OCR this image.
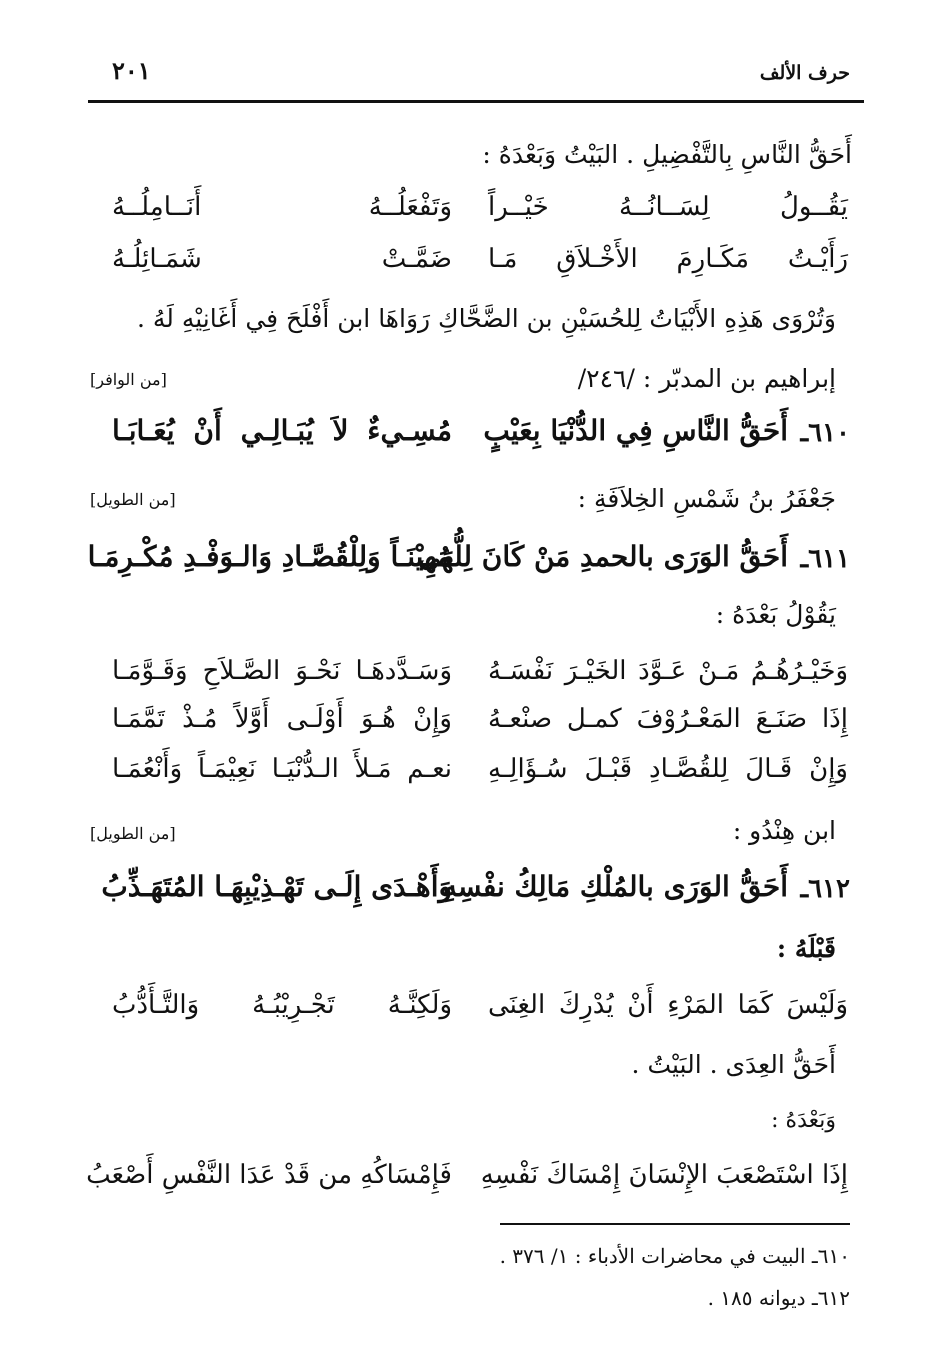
حرف الألف
٢٠١
أَحَقُّ النَّاسِ بِالتَّفْضِيلِ . البَيْتُ وَبَعْدَهُ :
يَقُــولُ لِسَــانُــهُ خَيْــراً
وَتَفْعَلُــهُ أَنَــامِلُــهُ
رَأَيْـتُ مَكَـارِمَ الأَخْـلاَقِ مَـا
ضَمَّـتْ شَمَـائِلُـهُ
وَتُرْوَى هَذِهِ الأَبْيَاتُ لِلحُسَيْنِ بن الضَّحَّاكِ رَوَاهَا ابن أَفْلَحَ فِي أَغَانِيْهِ لَهُ .
إبراهيم بن المدبّر : /٢٤٦/
[من الوافر]
٦١٠ـ
أَحَقُّ النَّاسِ فِي الدُّنْيَا بِعَيْبٍ
مُسِـيءٌ لاَ يُبَـالِـي أَنْ يُعَـابَـا
جَعْفَرُ بنُ شَمْسِ الخِلاَفَةِ :
[من الطويل]
٦١١ـ
أَحَقُّ الوَرَى بالحمدِ مَنْ كَانَ لِلُّهَى
مُهِيْنَـاً وَلِلْقُصَّـادِ وَالـوَفْـدِ مُكْـرِمَـا
يَقُوْلُ بَعْدَهُ :
وَخَيْـرُهُـمُ مَـنْ عَـوَّدَ الخَيْـرَ نَفْسَـهُ
وَسَـدَّدهَـا نَحْـوَ الصَّـلاَحِ وَقَـوَّمَـا
إِذَا صَنَـعَ المَعْـرُوْفَ كمـل صنْعـهُ
وَإِنْ هُـوَ أَوْلَـى أَوَّلاً مُـذْ تَمَّمَـا
وَإِنْ قَـالَ لِلقُصَّـادِ قَبْـلَ سُـؤَالِـهِ
نعـم مَـلأَ الـدُّنْيَـا نَعِيْمَـاً وَأَنْعُمَـا
ابن هِنْدُو :
[من الطويل]
٦١٢ـ
أَحَقُّ الوَرَى بالمُلْكِ مَالِكُ نفْسِهِ
وَأَهْـدَى إِلَـى تَهْـذِيْبِهَـا المُتَهَـذِّبُ
قَبْلَهُ :
وَلَيْسَ كَمَا المَرْءِ أَنْ يُدْرِكَ الغِنَى
وَلَكِنَّـهُ تَجْـرِيْبُـهُ وَالتَّـأَدُّبُ
أَحَقُّ العِدَى . البَيْتُ .
وَبَعْدَهُ :
إِذَا اسْتَصْعَبَ الإِنْسَانَ إِمْسَاكَ نَفْسِهِ
فَإِمْسَاكُهِ من قَدْ عَدَا النَّفْسِ أَصْعَبُ
٦١٠ـ البيت في محاضرات الأدباء : ١/ ٣٧٦ .
٦١٢ـ ديوانه ١٨٥ .
